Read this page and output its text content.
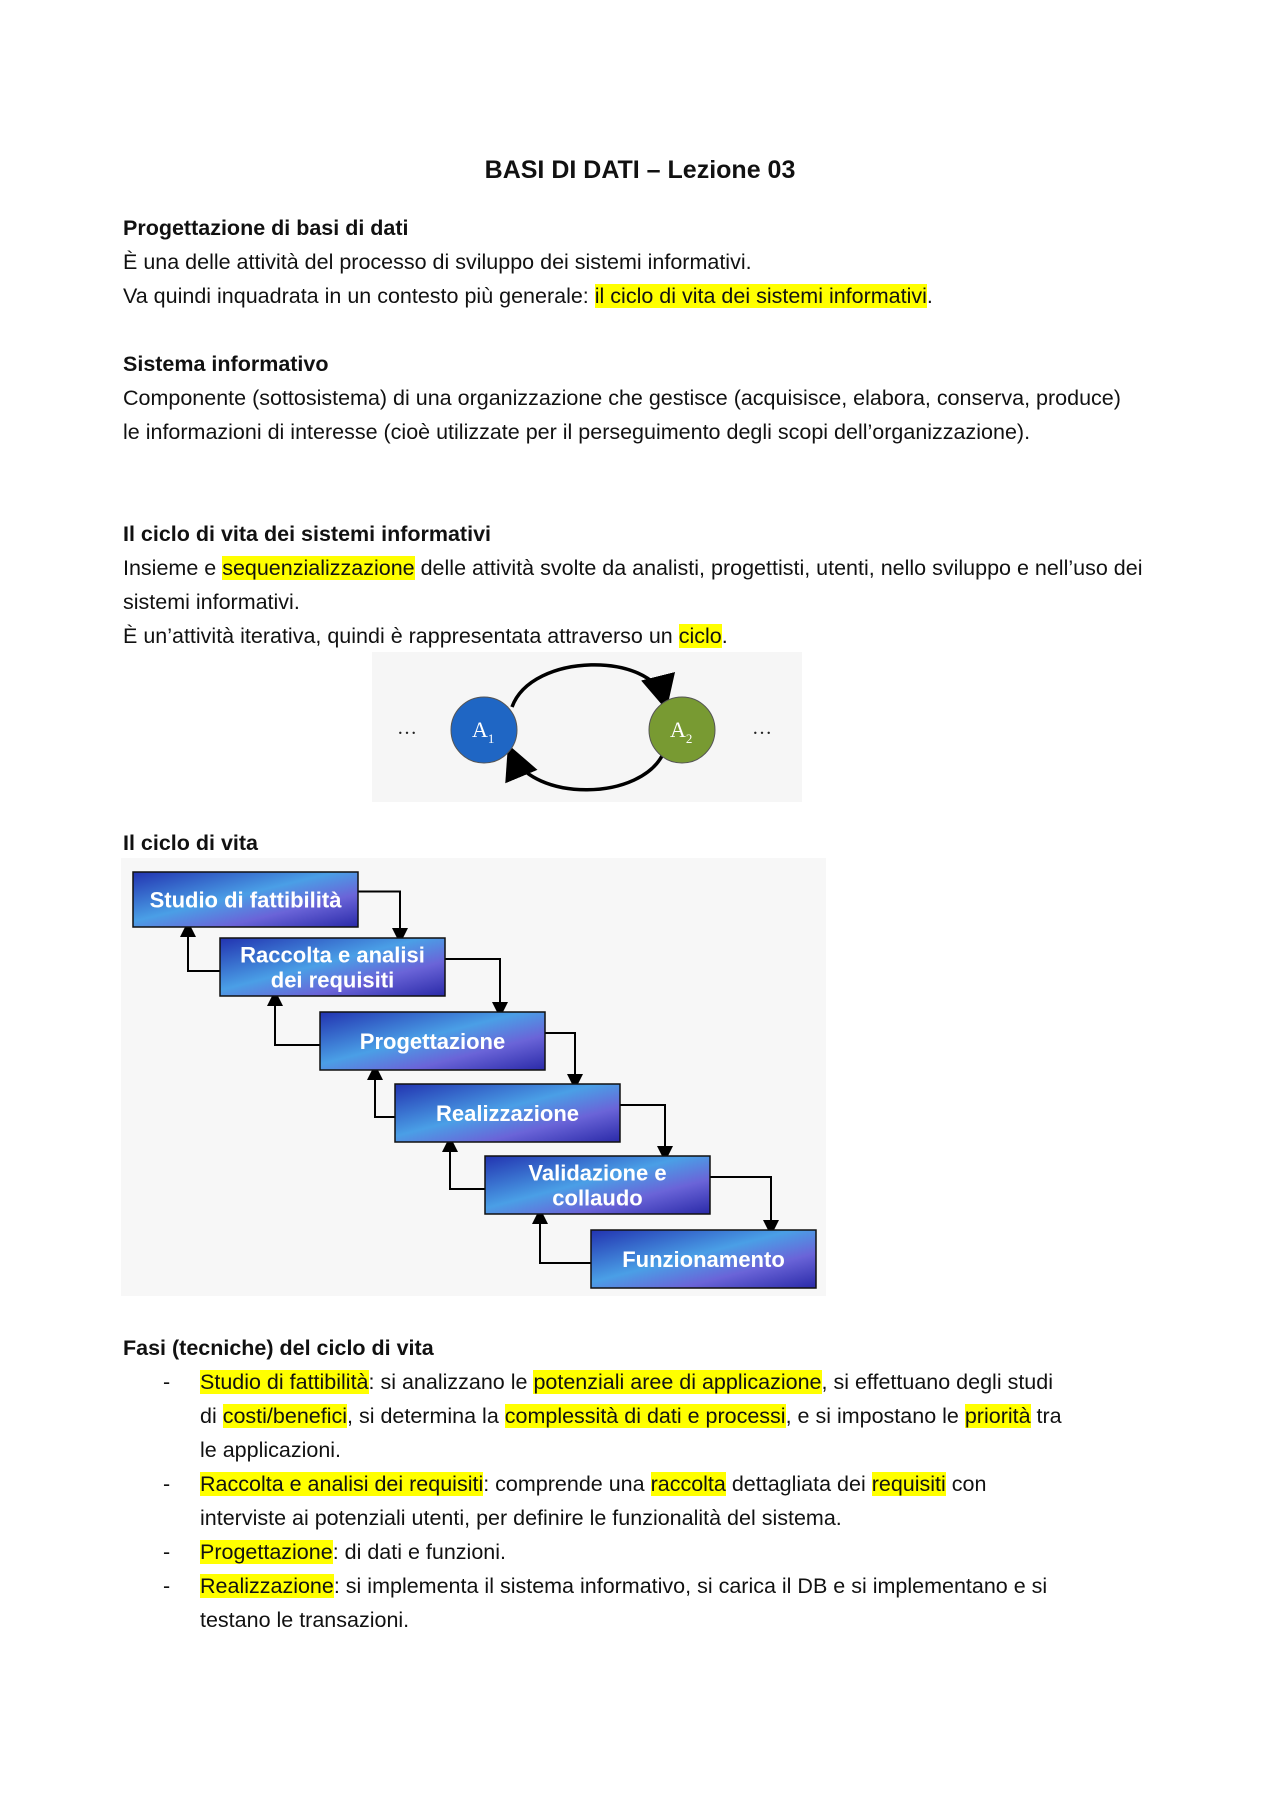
BASI DI DATI – Lezione 03
Progettazione di basi di dati
È una delle attività del processo di sviluppo dei sistemi informativi.
Va quindi inquadrata in un contesto più generale: il ciclo di vita dei sistemi informativi.
Sistema informativo
Componente (sottosistema) di una organizzazione che gestisce (acquisisce, elabora, conserva, produce) le informazioni di interesse (cioè utilizzate per il perseguimento degli scopi dell’organizzazione).
Il ciclo di vita dei sistemi informativi
Insieme e sequenzializzazione delle attività svolte da analisti, progettisti, utenti, nello sviluppo e nell’uso dei sistemi informativi.
È un’attività iterativa, quindi è rappresentata attraverso un ciclo.
$A_1$	$A_2$
…	…
Il ciclo di vita
Studio di fattibilità
Raccolta e analisi
dei requisiti
Progettazione
Realizzazione
Validazione e
collaudo
Funzionamento
Fasi (tecniche) del ciclo di vita
- Studio di fattibilità: si analizzano le potenziali aree di applicazione, si effettuano degli studi
di costi/benefici, si determina la complessità di dati e processi, e si impostano le priorità tra
le applicazioni.
- Raccolta e analisi dei requisiti: comprende una raccolta dettagliata dei requisiti con
interviste ai potenziali utenti, per definire le funzionalità del sistema.
- Progettazione: di dati e funzioni.
- Realizzazione: si implementa il sistema informativo, si carica il DB e si implementano e si
testano le transazioni.
